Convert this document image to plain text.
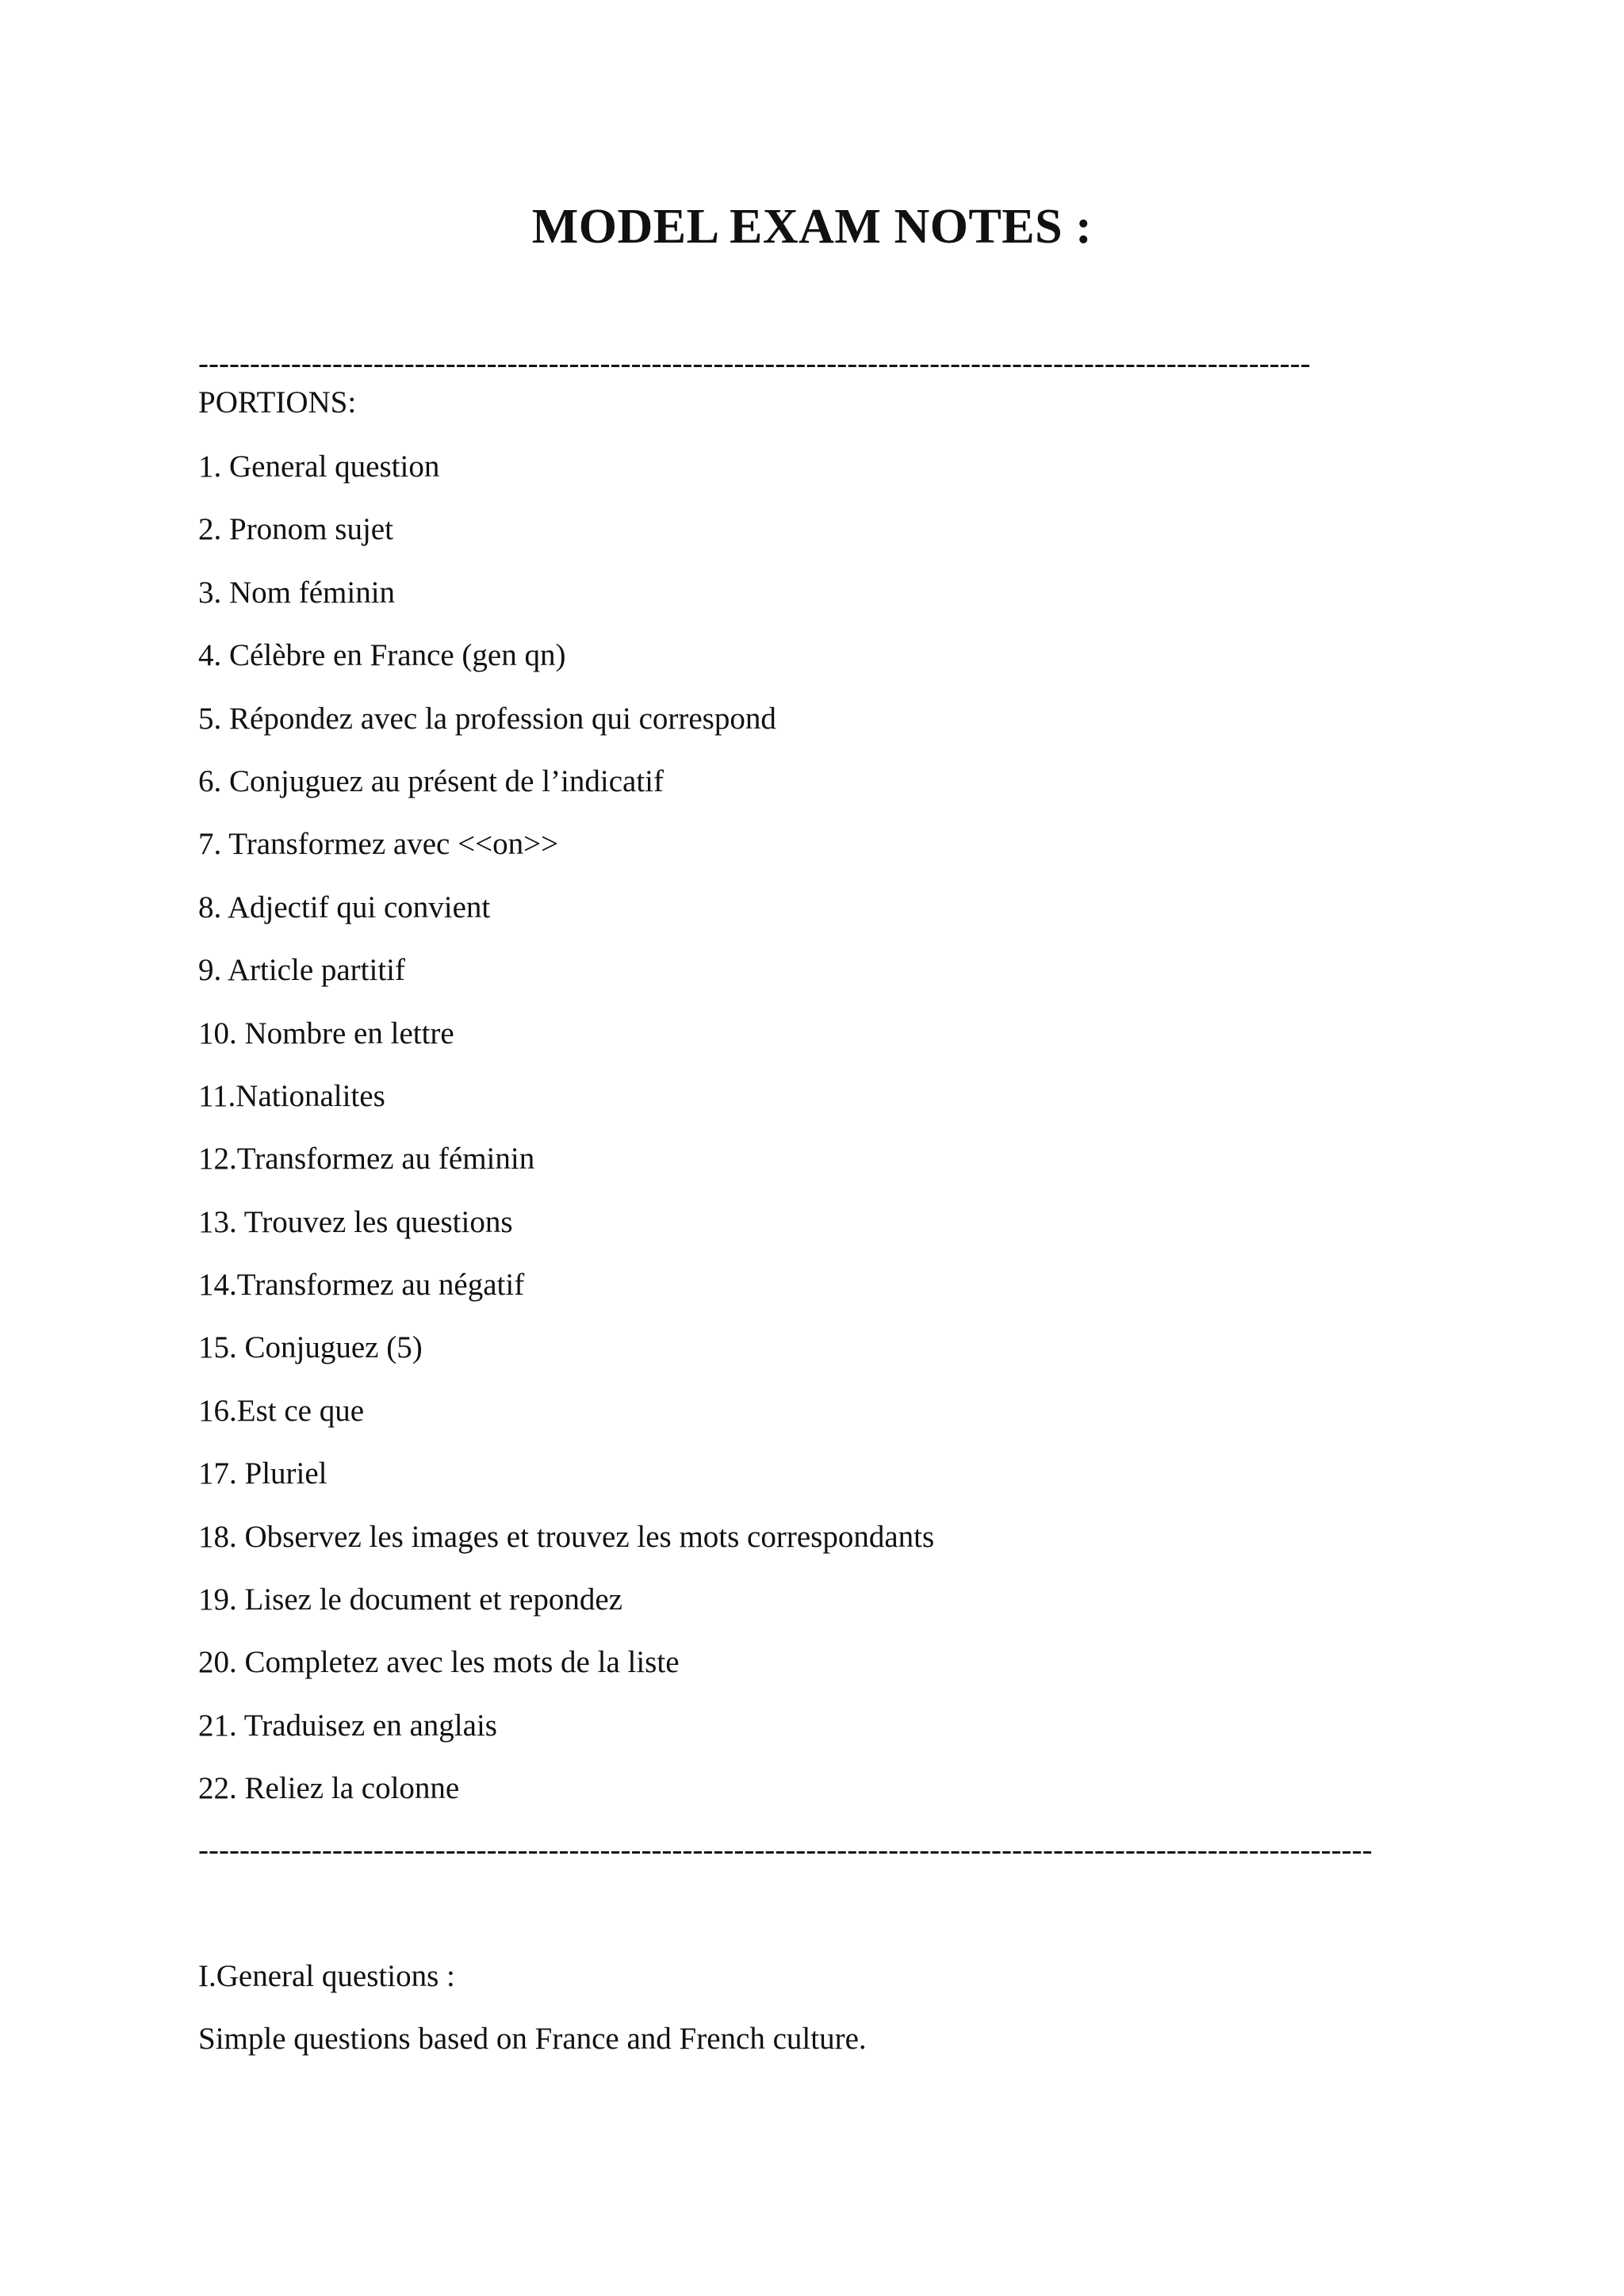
MODEL EXAM NOTES :

------------------------------------------------------------------------------------------------------------

PORTIONS:

1. General question
2. Pronom sujet
3. Nom féminin
4. Célèbre en France (gen qn)
5. Répondez avec la profession qui correspond
6. Conjuguez au présent de l’indicatif
7. Transformez avec <<on>>
8. Adjectif qui convient
9. Article partitif
10. Nombre en lettre
11.Nationalites
12.Transformez au féminin
13. Trouvez les questions
14.Transformez au négatif
15. Conjuguez (5)
16.Est ce que
17. Pluriel
18. Observez les images et trouvez les mots correspondants
19. Lisez le document et repondez
20. Completez avec les mots de la liste
21. Traduisez en anglais
22. Reliez la colonne

------------------------------------------------------------------------------------------------------------------

I.General questions :

Simple questions based on France and French culture.
